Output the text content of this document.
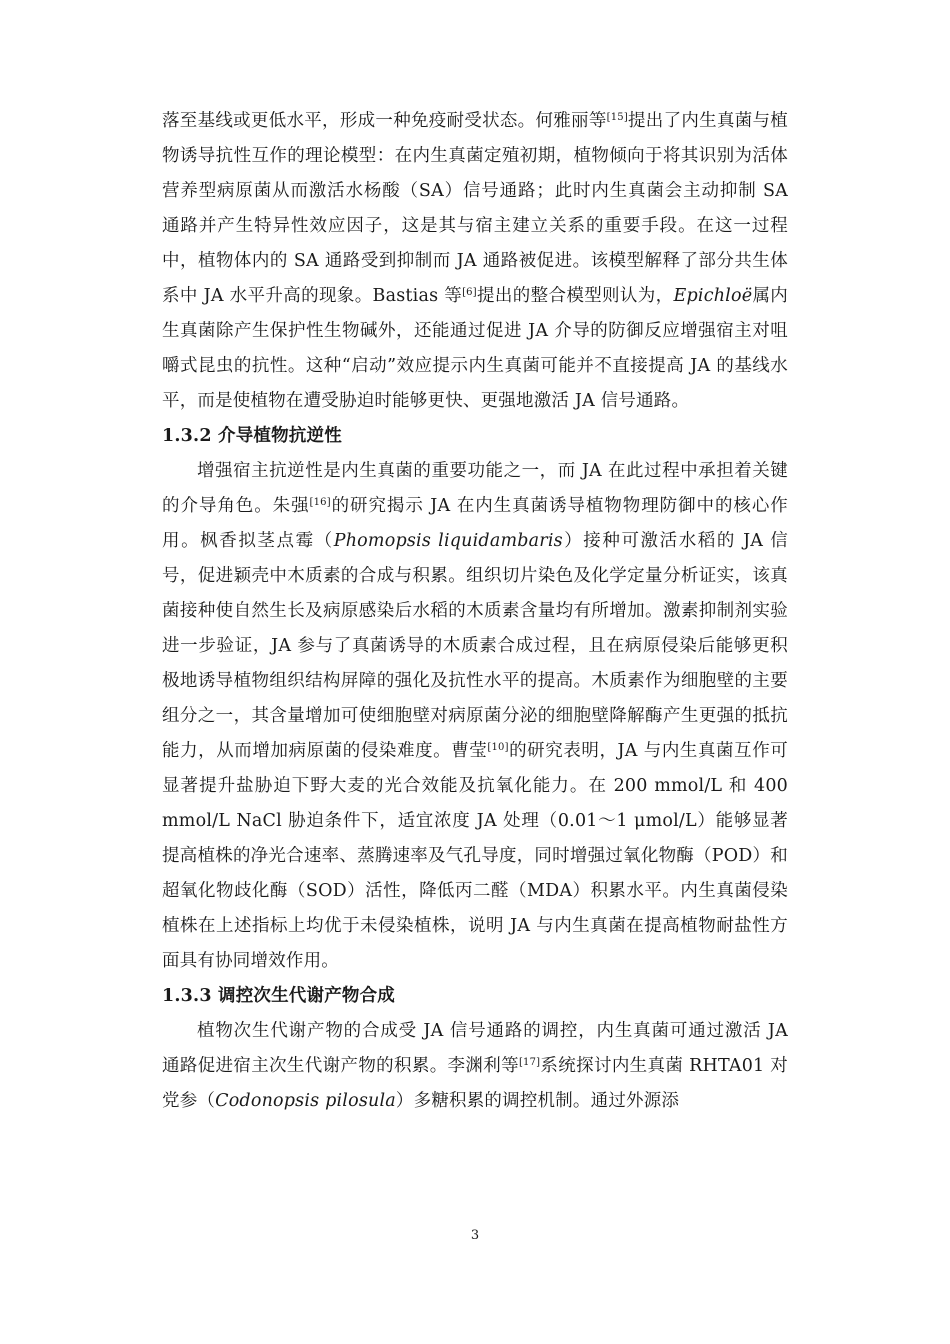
落至基线或更低水平，形成一种免疫耐受状态。何雅丽等[15]提出了内生真菌与植物诱导抗性互作的理论模型：在内生真菌定殖初期，植物倾向于将其识别为活体营养型病原菌从而激活水杨酸（SA）信号通路；此时内生真菌会主动抑制 SA 通路并产生特异性效应因子，这是其与宿主建立关系的重要手段。在这一过程中，植物体内的 SA 通路受到抑制而 JA 通路被促进。该模型解释了部分共生体系中 JA 水平升高的现象。Bastias 等[6]提出的整合模型则认为，Epichloë属内生真菌除产生保护性生物碱外，还能通过促进 JA 介导的防御反应增强宿主对咀嚼式昆虫的抗性。这种“启动”效应提示内生真菌可能并不直接提高 JA 的基线水平，而是使植物在遭受胁迫时能够更快、更强地激活 JA 信号通路。

1.3.2 介导植物抗逆性

增强宿主抗逆性是内生真菌的重要功能之一，而 JA 在此过程中承担着关键的介导角色。朱强[16]的研究揭示 JA 在内生真菌诱导植物物理防御中的核心作用。枫香拟茎点霉（Phomopsis liquidambaris）接种可激活水稻的 JA 信号，促进颖壳中木质素的合成与积累。组织切片染色及化学定量分析证实，该真菌接种使自然生长及病原感染后水稻的木质素含量均有所增加。激素抑制剂实验进一步验证，JA 参与了真菌诱导的木质素合成过程，且在病原侵染后能够更积极地诱导植物组织结构屏障的强化及抗性水平的提高。木质素作为细胞壁的主要组分之一，其含量增加可使细胞壁对病原菌分泌的细胞壁降解酶产生更强的抵抗能力，从而增加病原菌的侵染难度。曹莹[10]的研究表明，JA 与内生真菌互作可显著提升盐胁迫下野大麦的光合效能及抗氧化能力。在 200 mmol/L 和 400 mmol/L NaCl 胁迫条件下，适宜浓度 JA 处理（0.01～1 μmol/L）能够显著提高植株的净光合速率、蒸腾速率及气孔导度，同时增强过氧化物酶（POD）和超氧化物歧化酶（SOD）活性，降低丙二醛（MDA）积累水平。内生真菌侵染植株在上述指标上均优于未侵染植株，说明 JA 与内生真菌在提高植物耐盐性方面具有协同增效作用。

1.3.3 调控次生代谢产物合成

植物次生代谢产物的合成受 JA 信号通路的调控，内生真菌可通过激活 JA 通路促进宿主次生代谢产物的积累。李渊利等[17]系统探讨内生真菌 RHTA01 对党参（Codonopsis pilosula）多糖积累的调控机制。通过外源添

3
